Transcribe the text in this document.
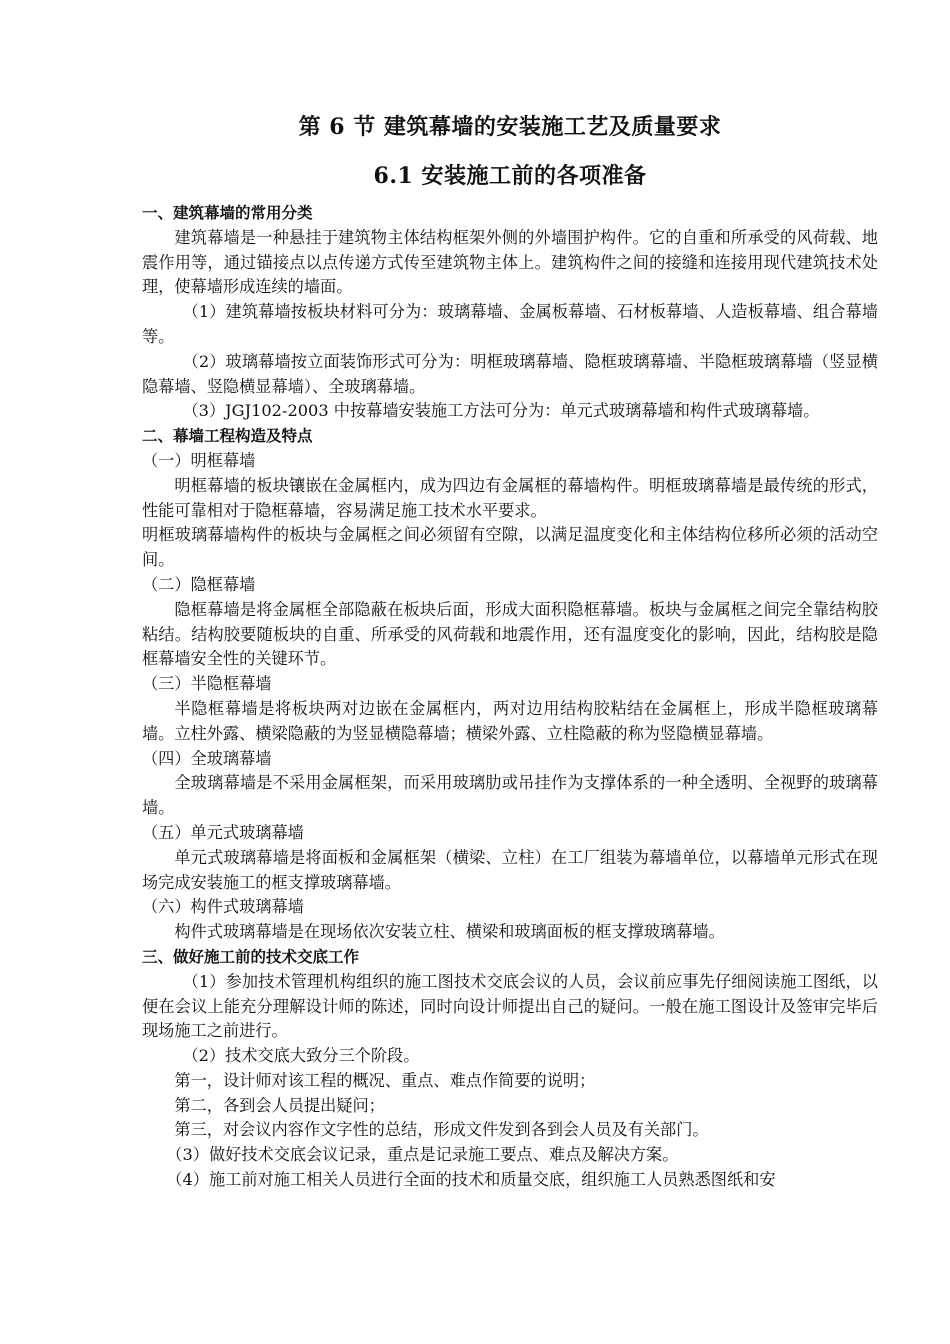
第 6 节 建筑幕墙的安装施工艺及质量要求
6.1 安装施工前的各项准备

一、建筑幕墙的常用分类

建筑幕墙是一种悬挂于建筑物主体结构框架外侧的外墙围护构件。它的自重和所承受的风荷载、地震作用等，通过锚接点以点传递方式传至建筑物主体上。建筑构件之间的接缝和连接用现代建筑技术处理，使幕墙形成连续的墙面。

（1）建筑幕墙按板块材料可分为：玻璃幕墙、金属板幕墙、石材板幕墙、人造板幕墙、组合幕墙等。

（2）玻璃幕墙按立面装饰形式可分为：明框玻璃幕墙、隐框玻璃幕墙、半隐框玻璃幕墙（竖显横隐幕墙、竖隐横显幕墙）、全玻璃幕墙。

（3）JGJ102-2003 中按幕墙安装施工方法可分为：单元式玻璃幕墙和构件式玻璃幕墙。

二、幕墙工程构造及特点

（一）明框幕墙

明框幕墙的板块镶嵌在金属框内，成为四边有金属框的幕墙构件。明框玻璃幕墙是最传统的形式，性能可靠相对于隐框幕墙，容易满足施工技术水平要求。

明框玻璃幕墙构件的板块与金属框之间必须留有空隙，以满足温度变化和主体结构位移所必须的活动空间。

（二）隐框幕墙

隐框幕墙是将金属框全部隐蔽在板块后面，形成大面积隐框幕墙。板块与金属框之间完全靠结构胶粘结。结构胶要随板块的自重、所承受的风荷载和地震作用，还有温度变化的影响，因此，结构胶是隐框幕墙安全性的关键环节。

（三）半隐框幕墙

半隐框幕墙是将板块两对边嵌在金属框内，两对边用结构胶粘结在金属框上，形成半隐框玻璃幕墙。立柱外露、横梁隐蔽的为竖显横隐幕墙；横梁外露、立柱隐蔽的称为竖隐横显幕墙。

（四）全玻璃幕墙

全玻璃幕墙是不采用金属框架，而采用玻璃肋或吊挂作为支撑体系的一种全透明、全视野的玻璃幕墙。

（五）单元式玻璃幕墙

单元式玻璃幕墙是将面板和金属框架（横梁、立柱）在工厂组装为幕墙单位，以幕墙单元形式在现场完成安装施工的框支撑玻璃幕墙。

（六）构件式玻璃幕墙

构件式玻璃幕墙是在现场依次安装立柱、横梁和玻璃面板的框支撑玻璃幕墙。

三、做好施工前的技术交底工作

（1）参加技术管理机构组织的施工图技术交底会议的人员，会议前应事先仔细阅读施工图纸，以便在会议上能充分理解设计师的陈述，同时向设计师提出自己的疑问。一般在施工图设计及签审完毕后现场施工之前进行。

（2）技术交底大致分三个阶段。

第一，设计师对该工程的概况、重点、难点作简要的说明；

第二，各到会人员提出疑问；

第三，对会议内容作文字性的总结，形成文件发到各到会人员及有关部门。

（3）做好技术交底会议记录，重点是记录施工要点、难点及解决方案。

（4）施工前对施工相关人员进行全面的技术和质量交底，组织施工人员熟悉图纸和安
